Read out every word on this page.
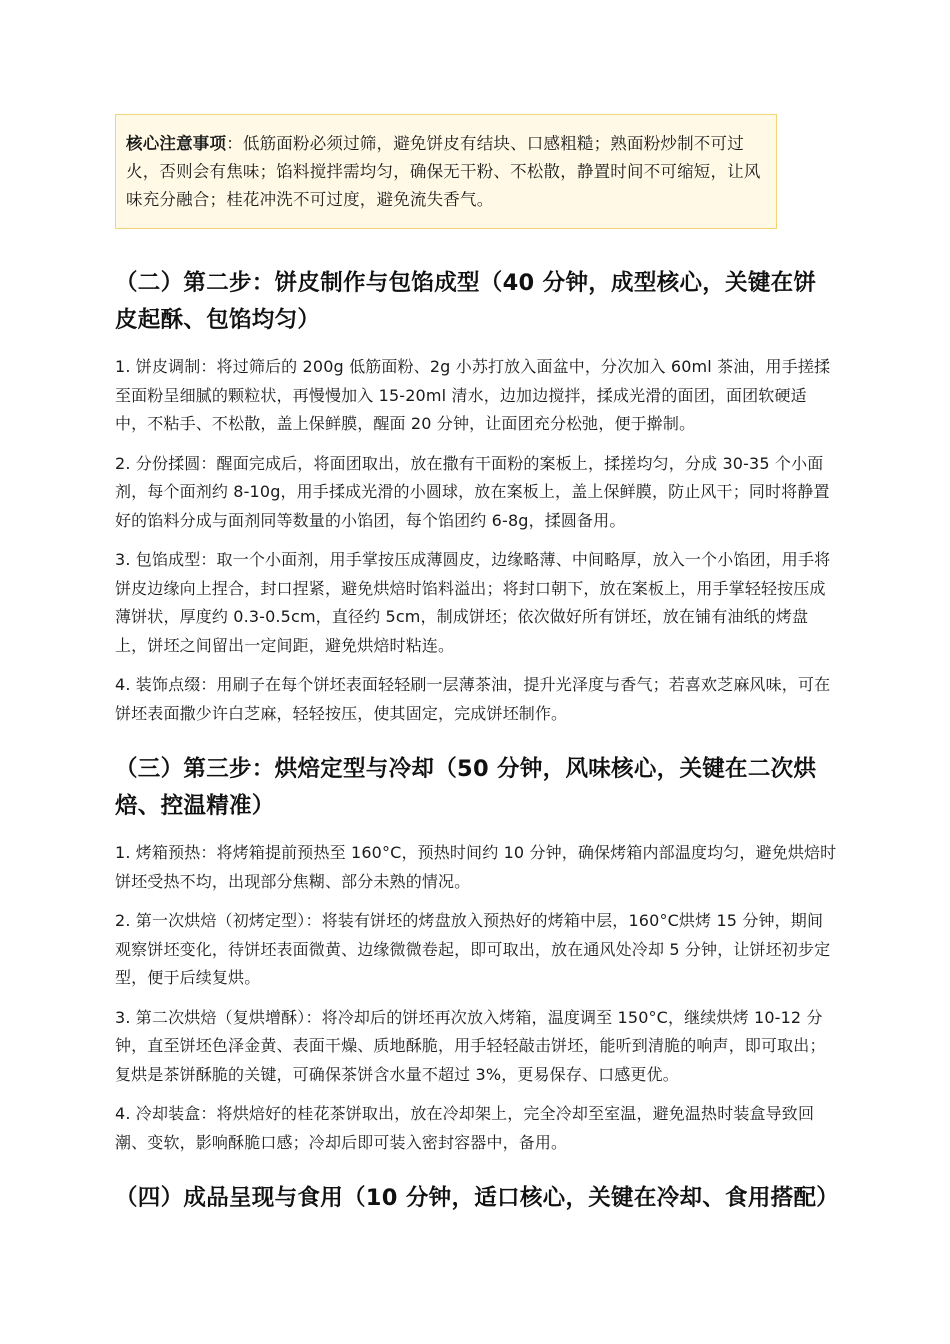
核心注意事项：低筋面粉必须过筛，避免饼皮有结块、口感粗糙；熟面粉炒制不可过火，否则会有焦味；馅料搅拌需均匀，确保无干粉、不松散，静置时间不可缩短，让风味充分融合；桂花冲洗不可过度，避免流失香气。
（二）第二步：饼皮制作与包馅成型（40 分钟，成型核心，关键在饼皮起酥、包馅均匀）

1. 饼皮调制：将过筛后的 200g 低筋面粉、2g 小苏打放入面盆中，分次加入 60ml 茶油，用手搓揉至面粉呈细腻的颗粒状，再慢慢加入 15-20ml 清水，边加边搅拌，揉成光滑的面团，面团软硬适中，不粘手、不松散，盖上保鲜膜，醒面 20 分钟，让面团充分松弛，便于擀制。

2. 分份揉圆：醒面完成后，将面团取出，放在撒有干面粉的案板上，揉搓均匀，分成 30-35 个小面剂，每个面剂约 8-10g，用手揉成光滑的小圆球，放在案板上，盖上保鲜膜，防止风干；同时将静置好的馅料分成与面剂同等数量的小馅团，每个馅团约 6-8g，揉圆备用。

3. 包馅成型：取一个小面剂，用手掌按压成薄圆皮，边缘略薄、中间略厚，放入一个小馅团，用手将饼皮边缘向上捏合，封口捏紧，避免烘焙时馅料溢出；将封口朝下，放在案板上，用手掌轻轻按压成薄饼状，厚度约 0.3-0.5cm，直径约 5cm，制成饼坯；依次做好所有饼坯，放在铺有油纸的烤盘上，饼坯之间留出一定间距，避免烘焙时粘连。

4. 装饰点缀：用刷子在每个饼坯表面轻轻刷一层薄茶油，提升光泽度与香气；若喜欢芝麻风味，可在饼坯表面撒少许白芝麻，轻轻按压，使其固定，完成饼坯制作。

（三）第三步：烘焙定型与冷却（50 分钟，风味核心，关键在二次烘焙、控温精准）

1. 烤箱预热：将烤箱提前预热至 160°C，预热时间约 10 分钟，确保烤箱内部温度均匀，避免烘焙时饼坯受热不均，出现部分焦糊、部分未熟的情况。

2. 第一次烘焙（初烤定型）：将装有饼坯的烤盘放入预热好的烤箱中层，160°C烘烤 15 分钟，期间观察饼坯变化，待饼坯表面微黄、边缘微微卷起，即可取出，放在通风处冷却 5 分钟，让饼坯初步定型，便于后续复烘。

3. 第二次烘焙（复烘增酥）：将冷却后的饼坯再次放入烤箱，温度调至 150°C，继续烘烤 10-12 分钟，直至饼坯色泽金黄、表面干燥、质地酥脆，用手轻轻敲击饼坯，能听到清脆的响声，即可取出；复烘是茶饼酥脆的关键，可确保茶饼含水量不超过 3%，更易保存、口感更优。

4. 冷却装盒：将烘焙好的桂花茶饼取出，放在冷却架上，完全冷却至室温，避免温热时装盒导致回潮、变软，影响酥脆口感；冷却后即可装入密封容器中，备用。

（四）成品呈现与食用（10 分钟，适口核心，关键在冷却、食用搭配）
